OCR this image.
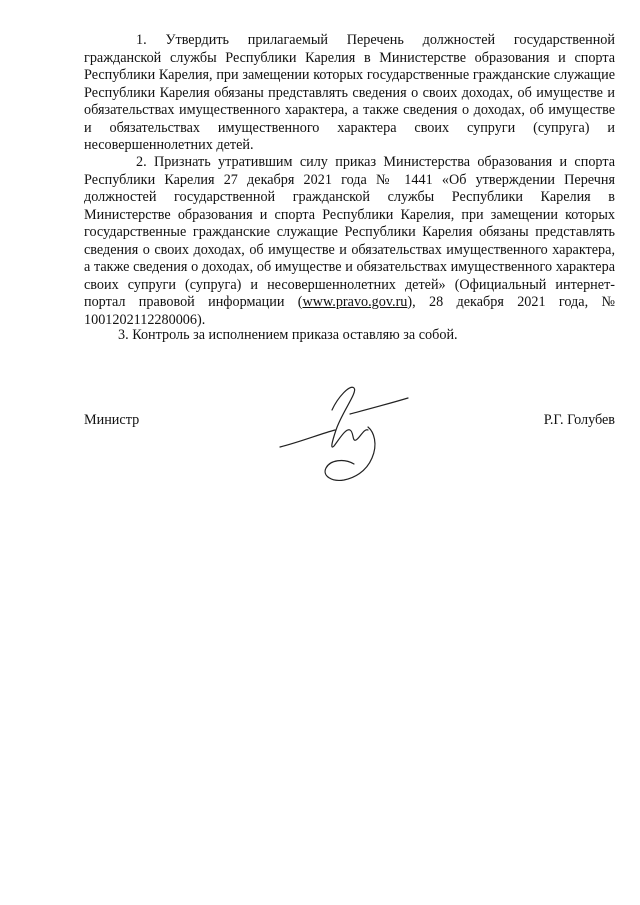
1. Утвердить прилагаемый Перечень должностей государственной гражданской службы Республики Карелия в Министерстве образования и спорта Республики Карелия, при замещении которых государственные гражданские служащие Республики Карелия обязаны представлять сведения о своих доходах, об имуществе и обязательствах имущественного характера, а также сведения о доходах, об имуществе и обязательствах имущественного характера своих супруги (супруга) и несовершеннолетних детей.

2. Признать утратившим силу приказ Министерства образования и спорта Республики Карелия 27 декабря 2021 года № 1441 «Об утверждении Перечня должностей государственной гражданской службы Республики Карелия в Министерстве образования и спорта Республики Карелия, при замещении которых государственные гражданские служащие Республики Карелия обязаны представлять сведения о своих доходах, об имуществе и обязательствах имущественного характера, а также сведения о доходах, об имуществе и обязательствах имущественного характера своих супруги (супруга) и несовершеннолетних детей» (Официальный интернет-портал правовой информации (www.pravo.gov.ru), 28 декабря 2021 года, № 1001202112280006).

3. Контроль за исполнением приказа оставляю за собой.

Министр	Р.Г. Голубев
